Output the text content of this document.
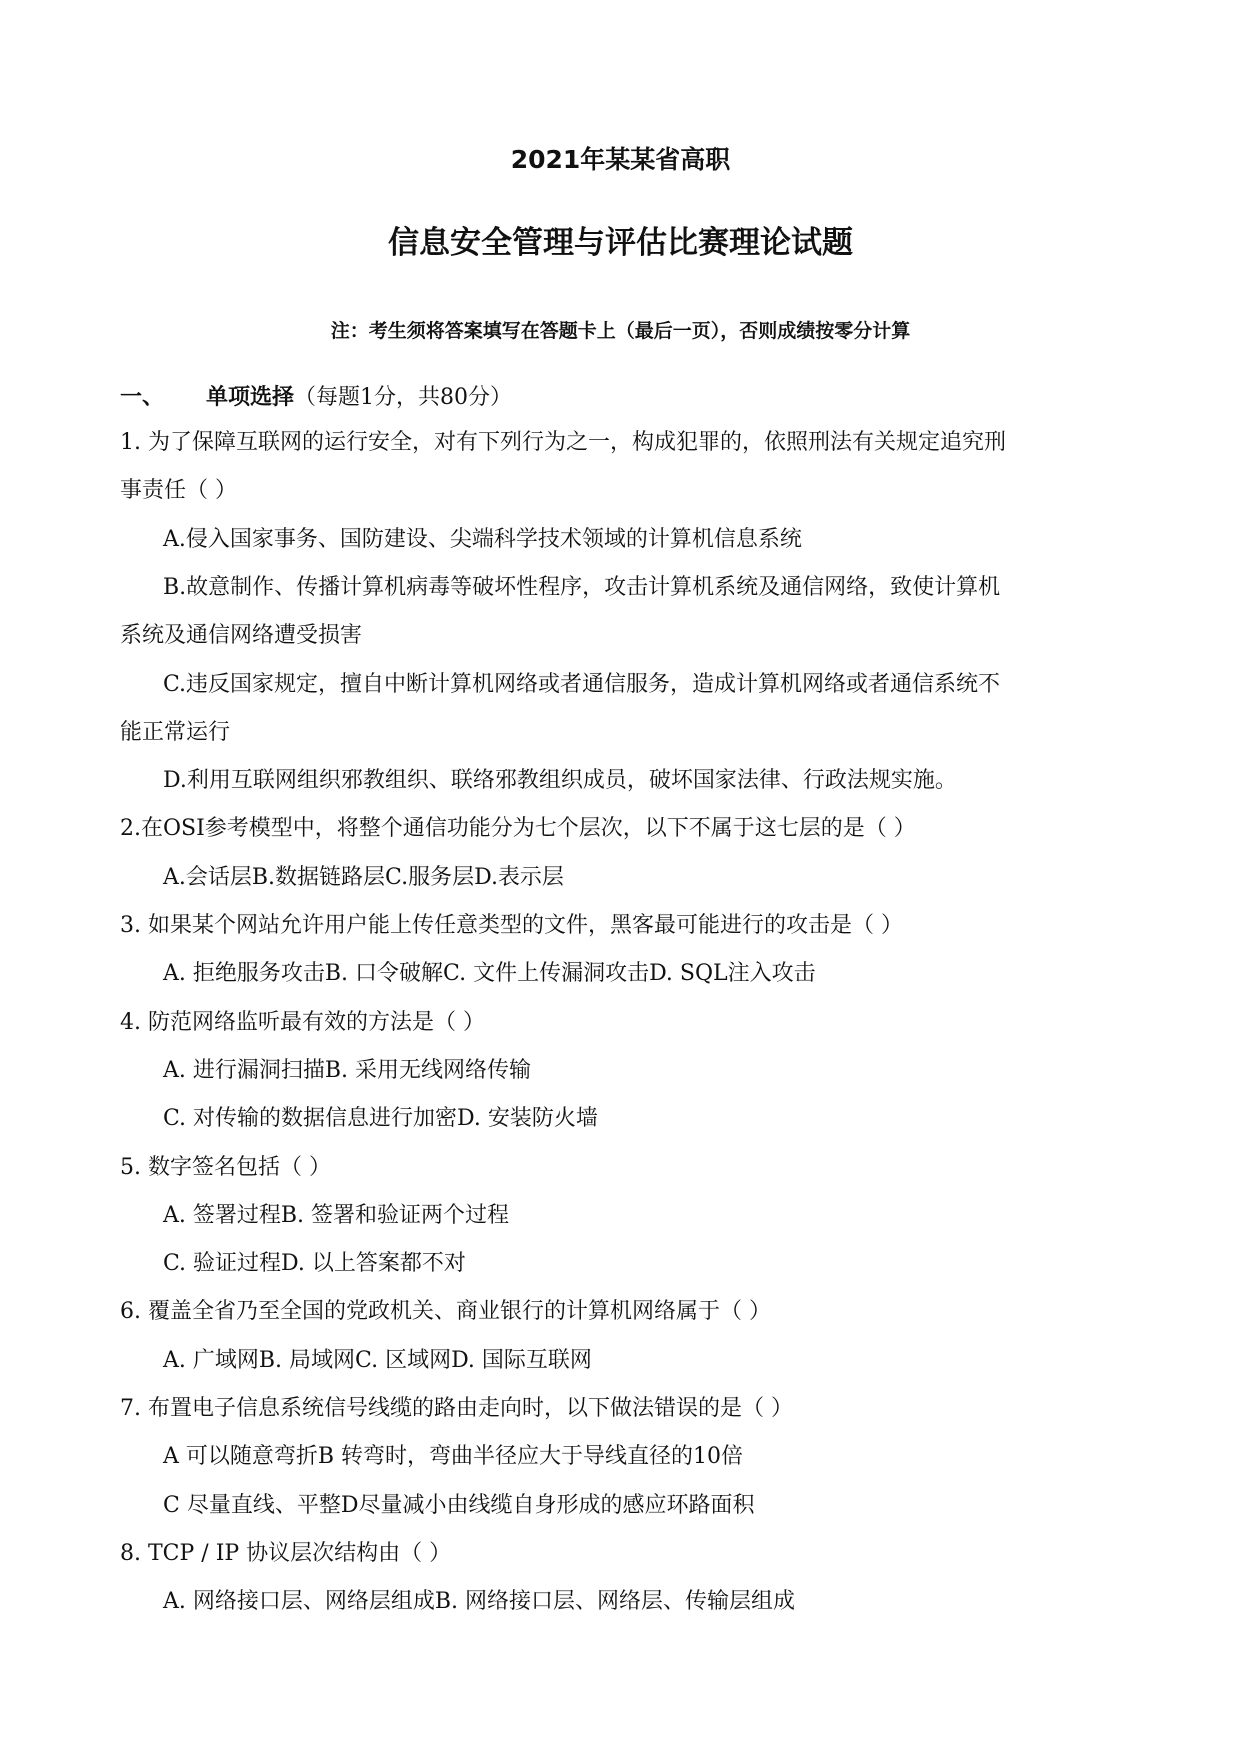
2021年某某省高职
信息安全管理与评估比赛理论试题
注：考生须将答案填写在答题卡上（最后一页），否则成绩按零分计算
一、 单项选择（每题1分，共80分）
1. 为了保障互联网的运行安全，对有下列行为之一，构成犯罪的，依照刑法有关规定追究刑
事责任（ ）
A.侵入国家事务、国防建设、尖端科学技术领域的计算机信息系统
B.故意制作、传播计算机病毒等破坏性程序，攻击计算机系统及通信网络，致使计算机
系统及通信网络遭受损害
C.违反国家规定，擅自中断计算机网络或者通信服务，造成计算机网络或者通信系统不
能正常运行
D.利用互联网组织邪教组织、联络邪教组织成员，破坏国家法律、行政法规实施。
2.在OSI参考模型中，将整个通信功能分为七个层次，以下不属于这七层的是（ ）
A.会话层B.数据链路层C.服务层D.表示层
3. 如果某个网站允许用户能上传任意类型的文件，黑客最可能进行的攻击是（ ）
A. 拒绝服务攻击B. 口令破解C. 文件上传漏洞攻击D. SQL注入攻击
4. 防范网络监听最有效的方法是（ ）
A. 进行漏洞扫描B. 采用无线网络传输
C. 对传输的数据信息进行加密D. 安装防火墙
5. 数字签名包括（ ）
A. 签署过程B. 签署和验证两个过程
C. 验证过程D. 以上答案都不对
6. 覆盖全省乃至全国的党政机关、商业银行的计算机网络属于（ ）
A. 广域网B. 局域网C. 区域网D. 国际互联网
7. 布置电子信息系统信号线缆的路由走向时，以下做法错误的是（ ）
A 可以随意弯折B 转弯时，弯曲半径应大于导线直径的10倍
C 尽量直线、平整D尽量减小由线缆自身形成的感应环路面积
8. TCP / IP 协议层次结构由（ ）
A. 网络接口层、网络层组成B. 网络接口层、网络层、传输层组成
